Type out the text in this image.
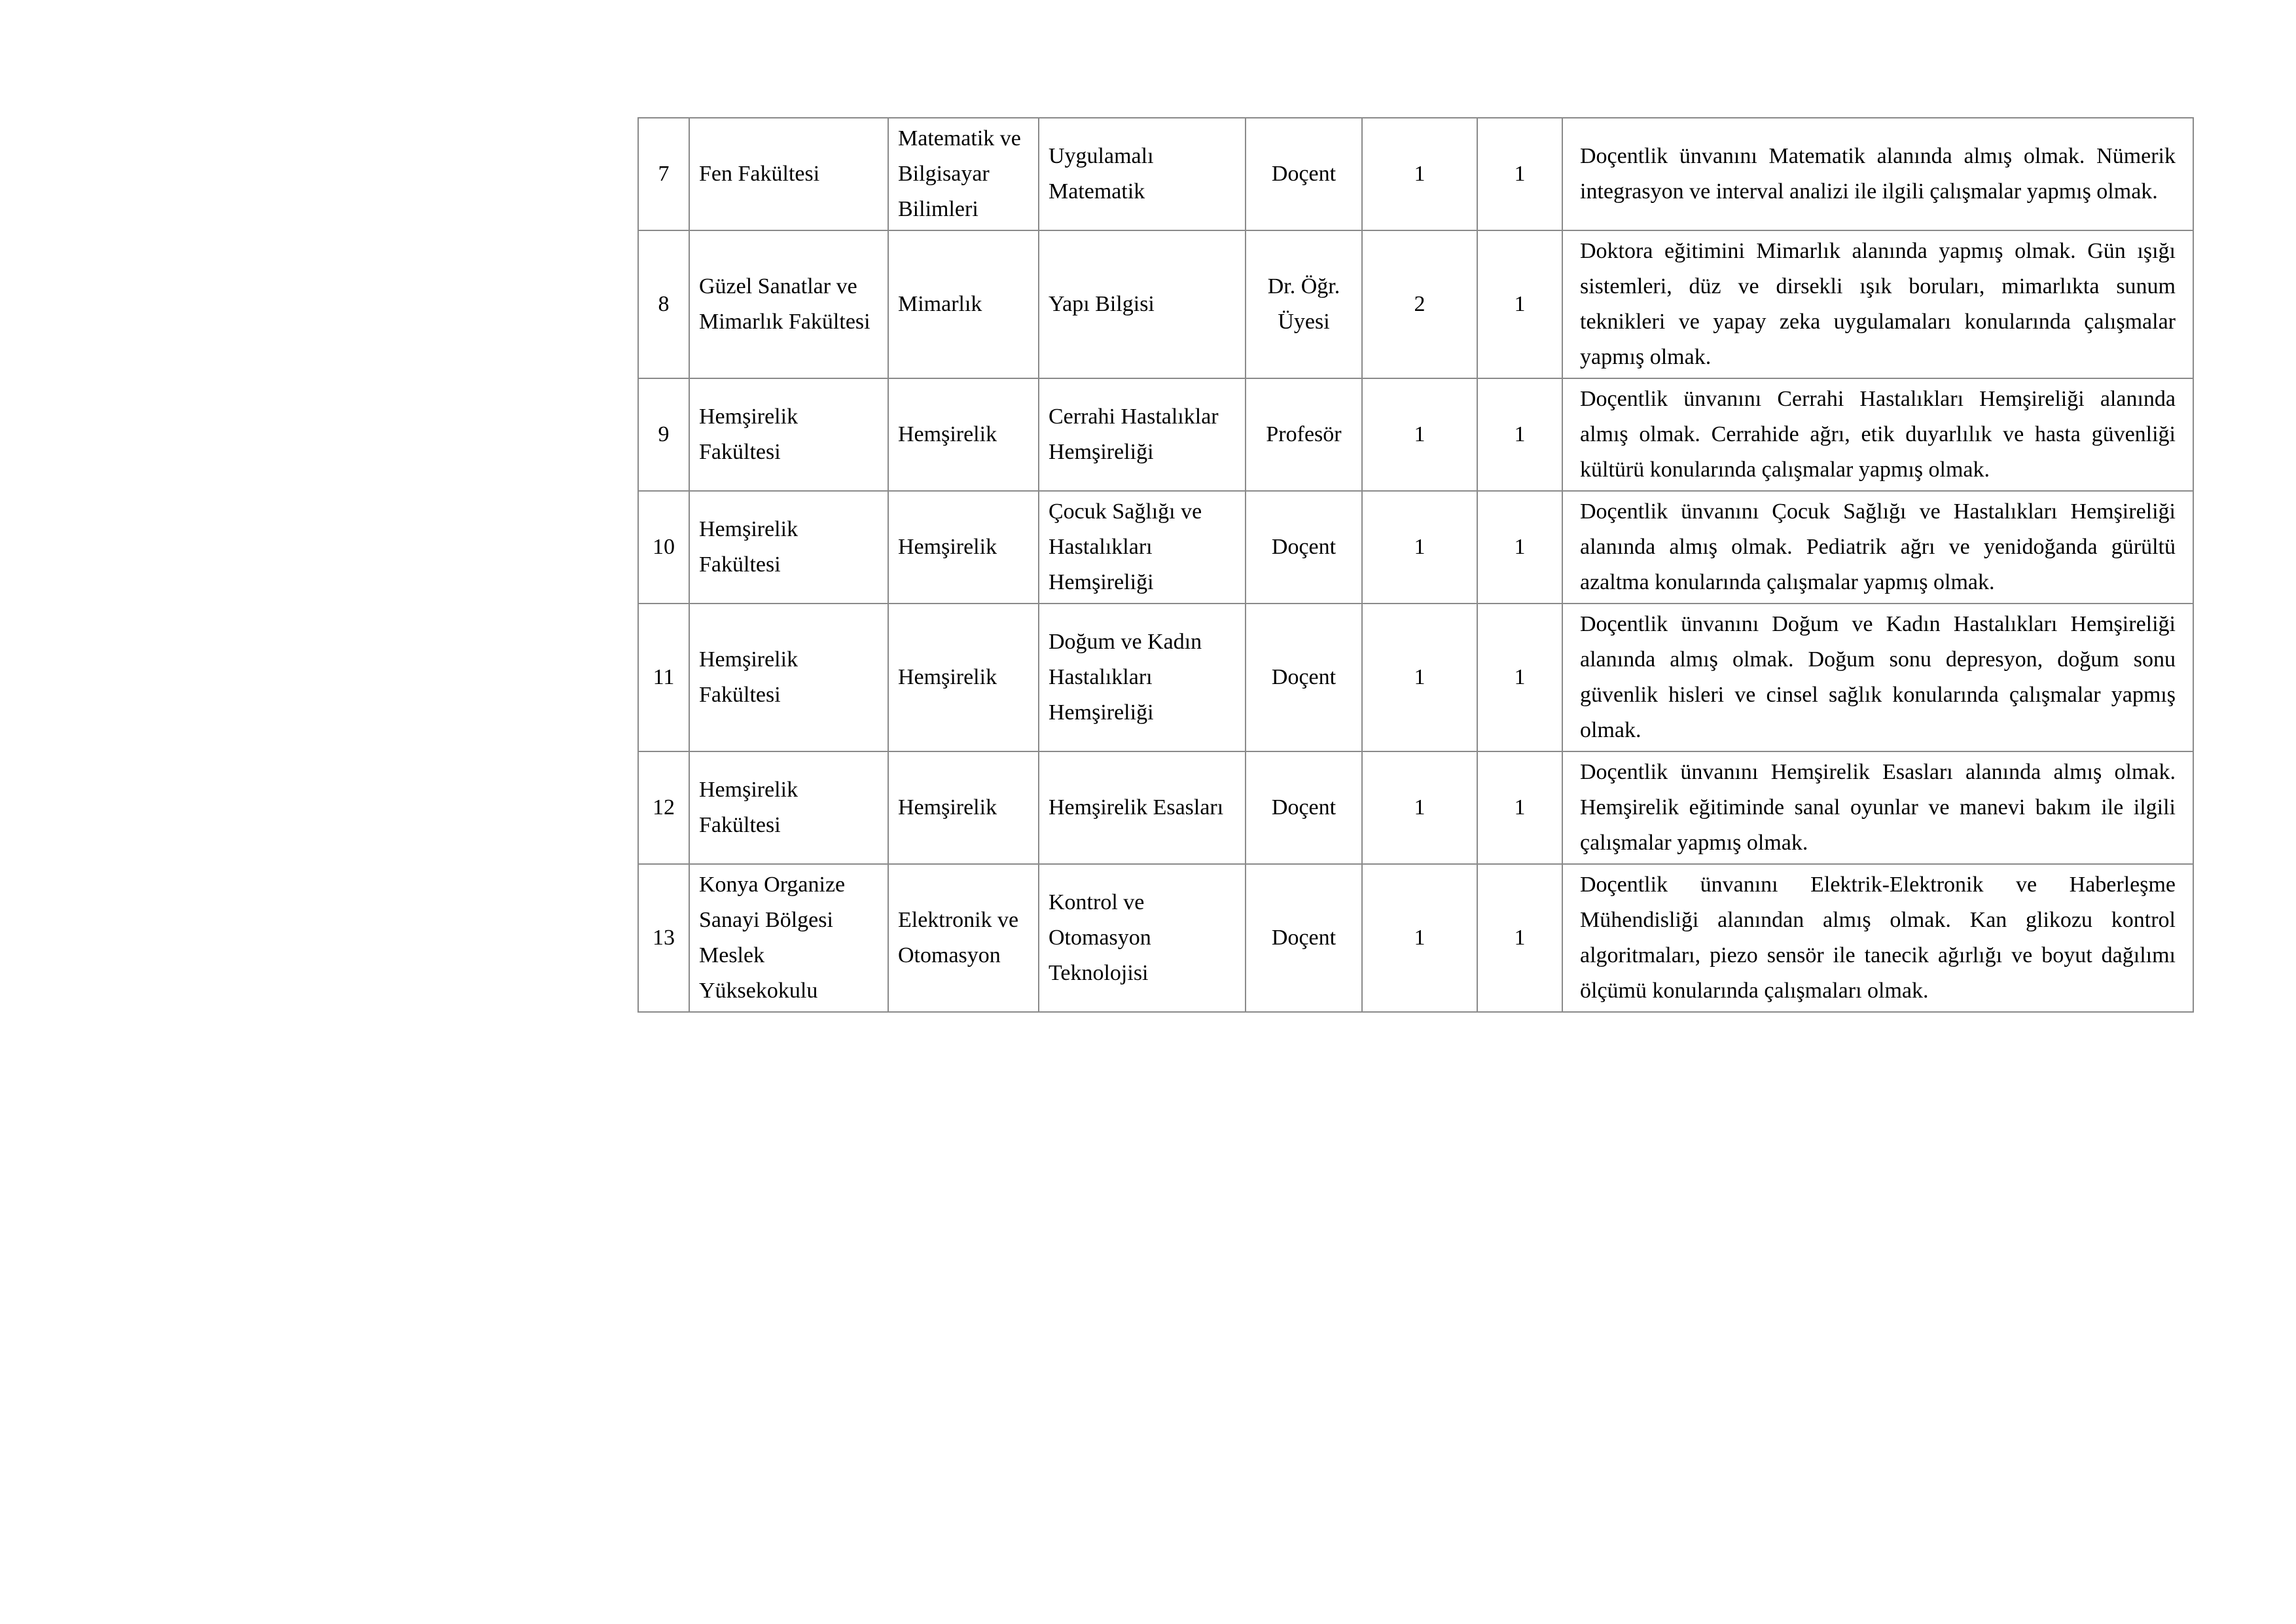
7	Fen Fakültesi	Matematik ve Bilgisayar Bilimleri	Uygulamalı Matematik	Doçent	1	1	Doçentlik ünvanını Matematik alanında almış olmak. Nümerik integrasyon ve interval analizi ile ilgili çalışmalar yapmış olmak.
8	Güzel Sanatlar ve Mimarlık Fakültesi	Mimarlık	Yapı Bilgisi	Dr. Öğr. Üyesi	2	1	Doktora eğitimini Mimarlık alanında yapmış olmak. Gün ışığı sistemleri, düz ve dirsekli ışık boruları, mimarlıkta sunum teknikleri ve yapay zeka uygulamaları konularında çalışmalar yapmış olmak.
9	Hemşirelik Fakültesi	Hemşirelik	Cerrahi Hastalıklar Hemşireliği	Profesör	1	1	Doçentlik ünvanını Cerrahi Hastalıkları Hemşireliği alanında almış olmak. Cerrahide ağrı, etik duyarlılık ve hasta güvenliği kültürü konularında çalışmalar yapmış olmak.
10	Hemşirelik Fakültesi	Hemşirelik	Çocuk Sağlığı ve Hastalıkları Hemşireliği	Doçent	1	1	Doçentlik ünvanını Çocuk Sağlığı ve Hastalıkları Hemşireliği alanında almış olmak. Pediatrik ağrı ve yenidoğanda gürültü azaltma konularında çalışmalar yapmış olmak.
11	Hemşirelik Fakültesi	Hemşirelik	Doğum ve Kadın Hastalıkları Hemşireliği	Doçent	1	1	Doçentlik ünvanını Doğum ve Kadın Hastalıkları Hemşireliği alanında almış olmak. Doğum sonu depresyon, doğum sonu güvenlik hisleri ve cinsel sağlık konularında çalışmalar yapmış olmak.
12	Hemşirelik Fakültesi	Hemşirelik	Hemşirelik Esasları	Doçent	1	1	Doçentlik ünvanını Hemşirelik Esasları alanında almış olmak. Hemşirelik eğitiminde sanal oyunlar ve manevi bakım ile ilgili çalışmalar yapmış olmak.
13	Konya Organize Sanayi Bölgesi Meslek Yüksekokulu	Elektronik ve Otomasyon	Kontrol ve Otomasyon Teknolojisi	Doçent	1	1	Doçentlik ünvanını Elektrik-Elektronik ve Haberleşme Mühendisliği alanından almış olmak. Kan glikozu kontrol algoritmaları, piezo sensör ile tanecik ağırlığı ve boyut dağılımı ölçümü konularında çalışmaları olmak.
